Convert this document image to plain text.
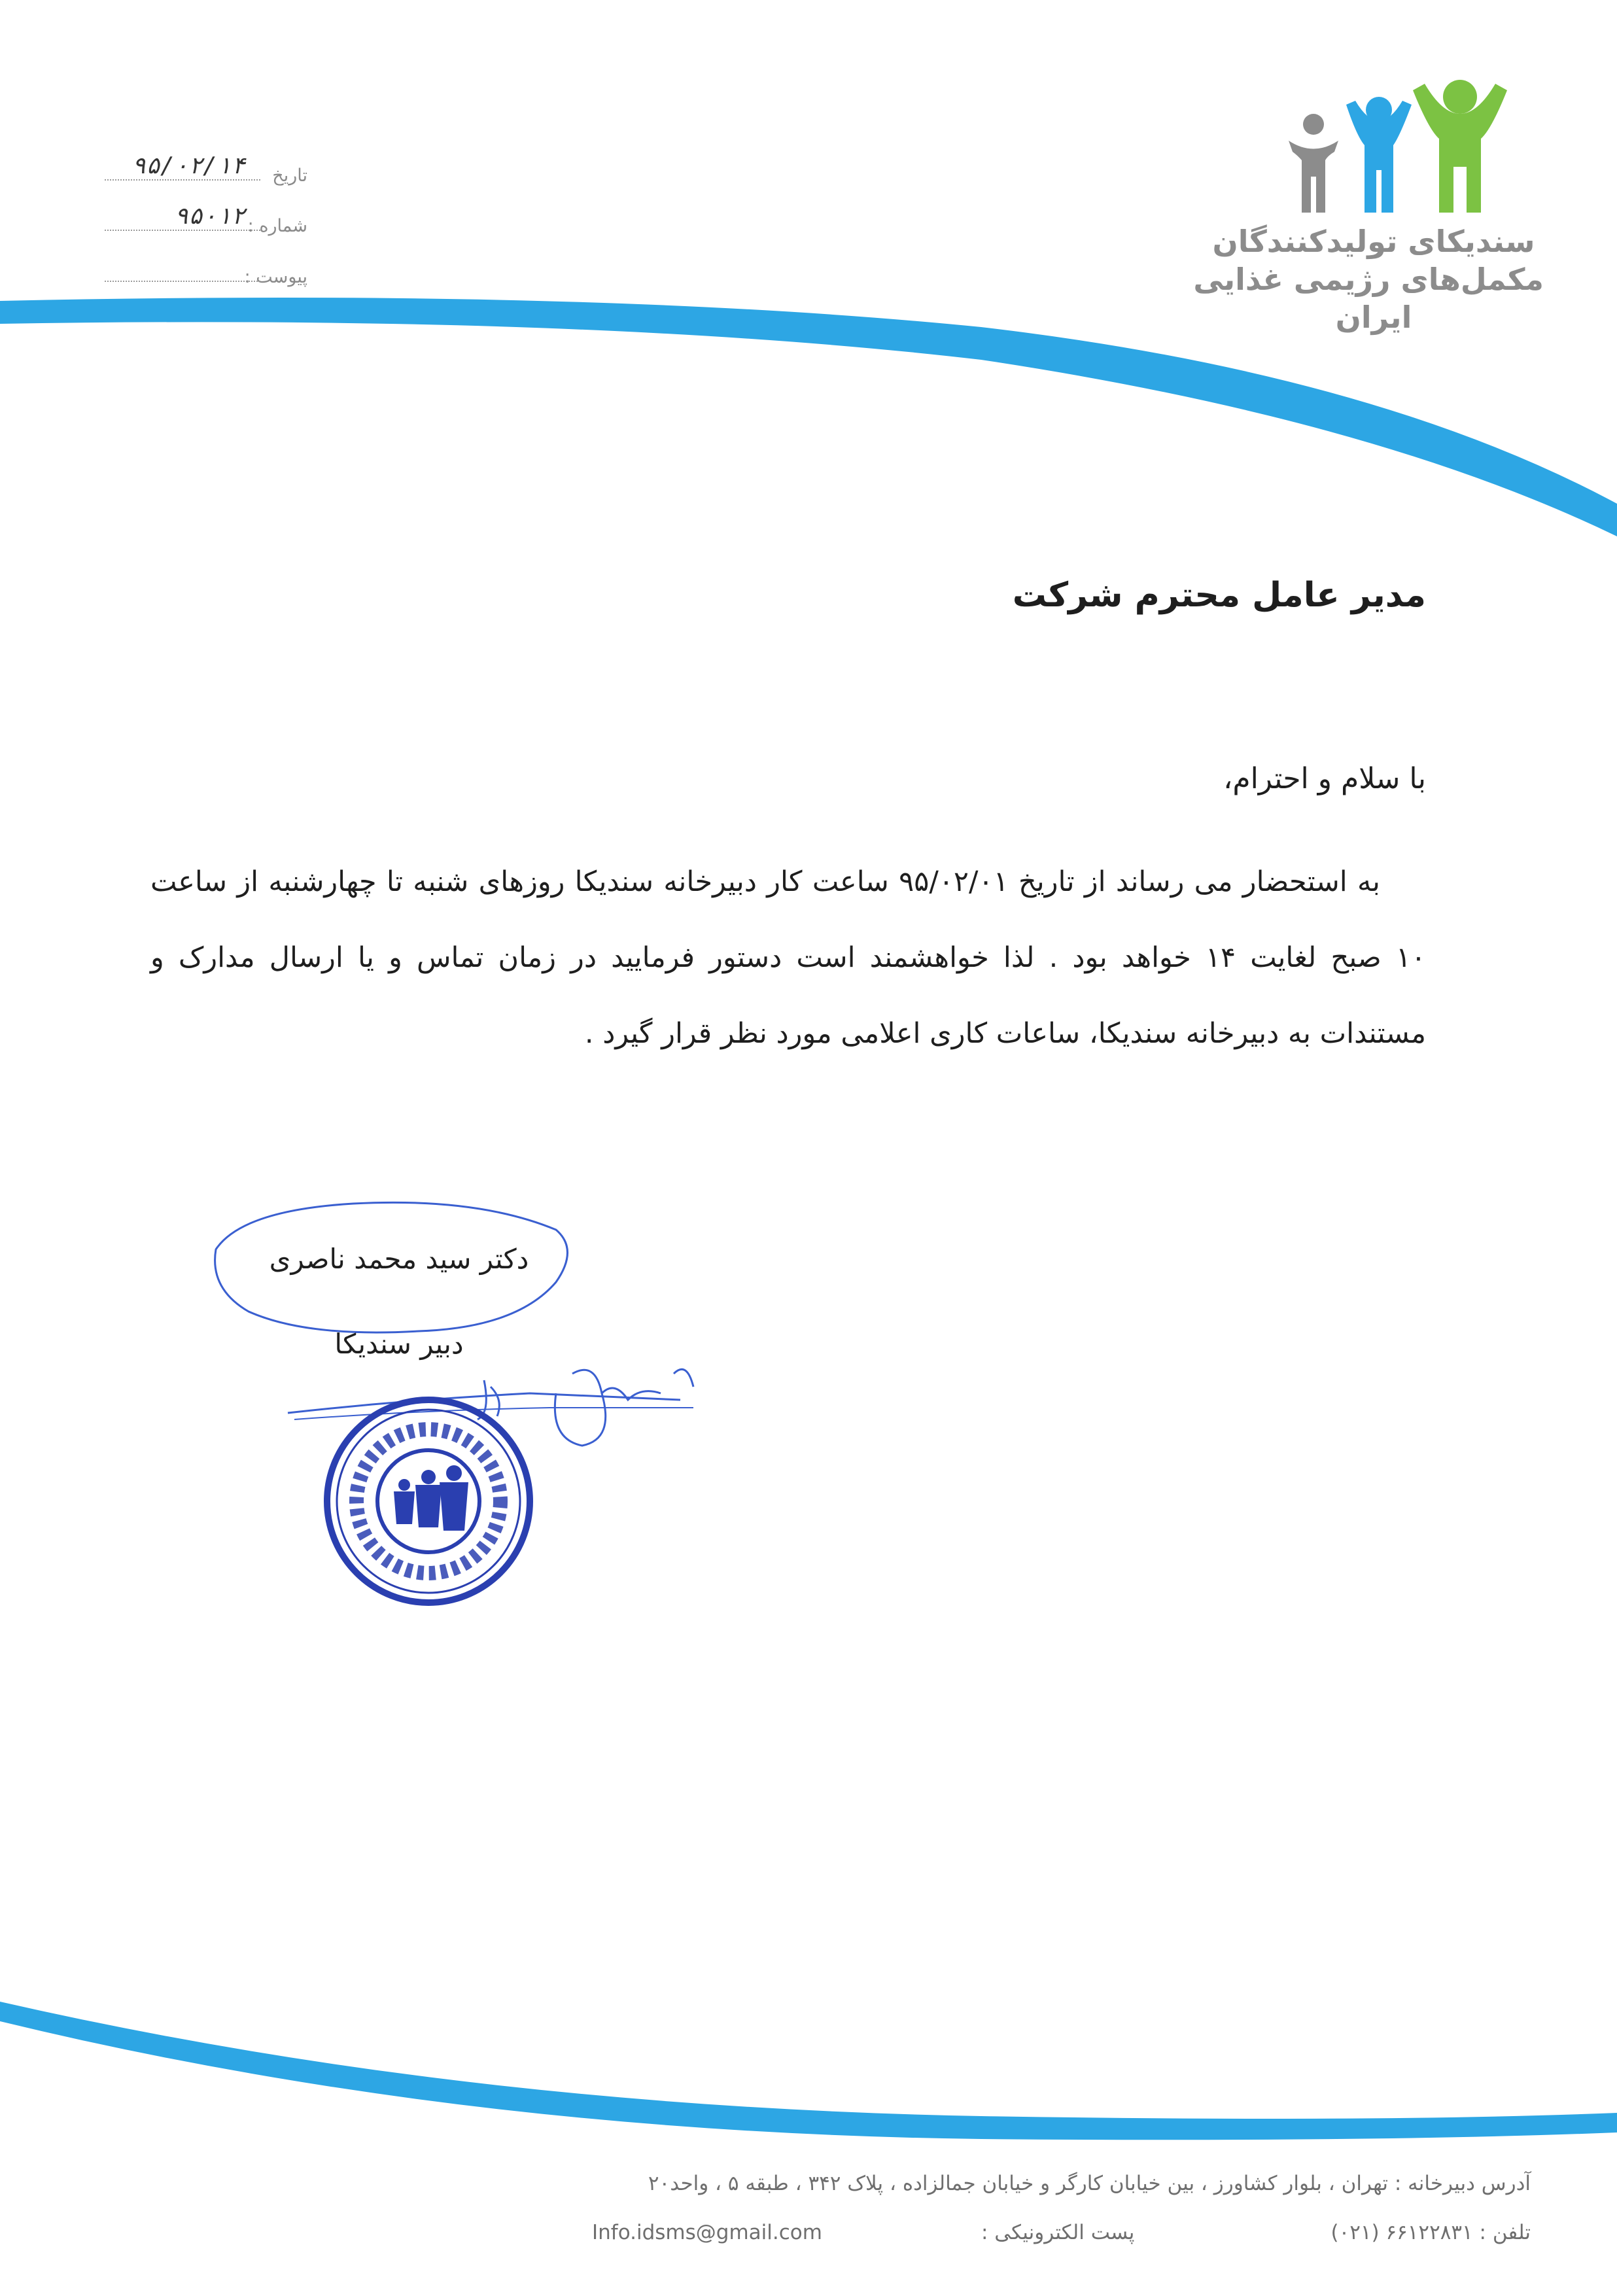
سندیکای تولیدکنندگان
مکمل‌های رژیمی غذایی
ایران
تاریخ
۹۵/۰۲/۱۴
شماره :
۹۵۰۱۲
پیوست :
مدیر عامل محترم شرکت
با سلام و احترام،
به استحضار می رساند از تاریخ ۹۵/۰۲/۰۱ ساعت کار دبیرخانه سندیکا روزهای شنبه تا چهارشنبه از ساعت ۱۰ صبح لغایت ۱۴ خواهد بود . لذا خواهشمند است دستور فرمایید در زمان تماس و یا ارسال مدارک و مستندات به دبیرخانه سندیکا، ساعات کاری اعلامی مورد نظر قرار گیرد .
دکتر سید محمد ناصری
دبیر سندیکا
آدرس دبیرخانه : تهران ، بلوار کشاورز ، بین خیابان کارگر و خیابان جمالزاده ، پلاک ۳۴۲ ، طبقه ۵ ، واحد۲۰
تلفن : ۶۶۱۲۲۸۳۱ (۰۲۱)
پست الکترونیکی :
Info.idsms@gmail.com
